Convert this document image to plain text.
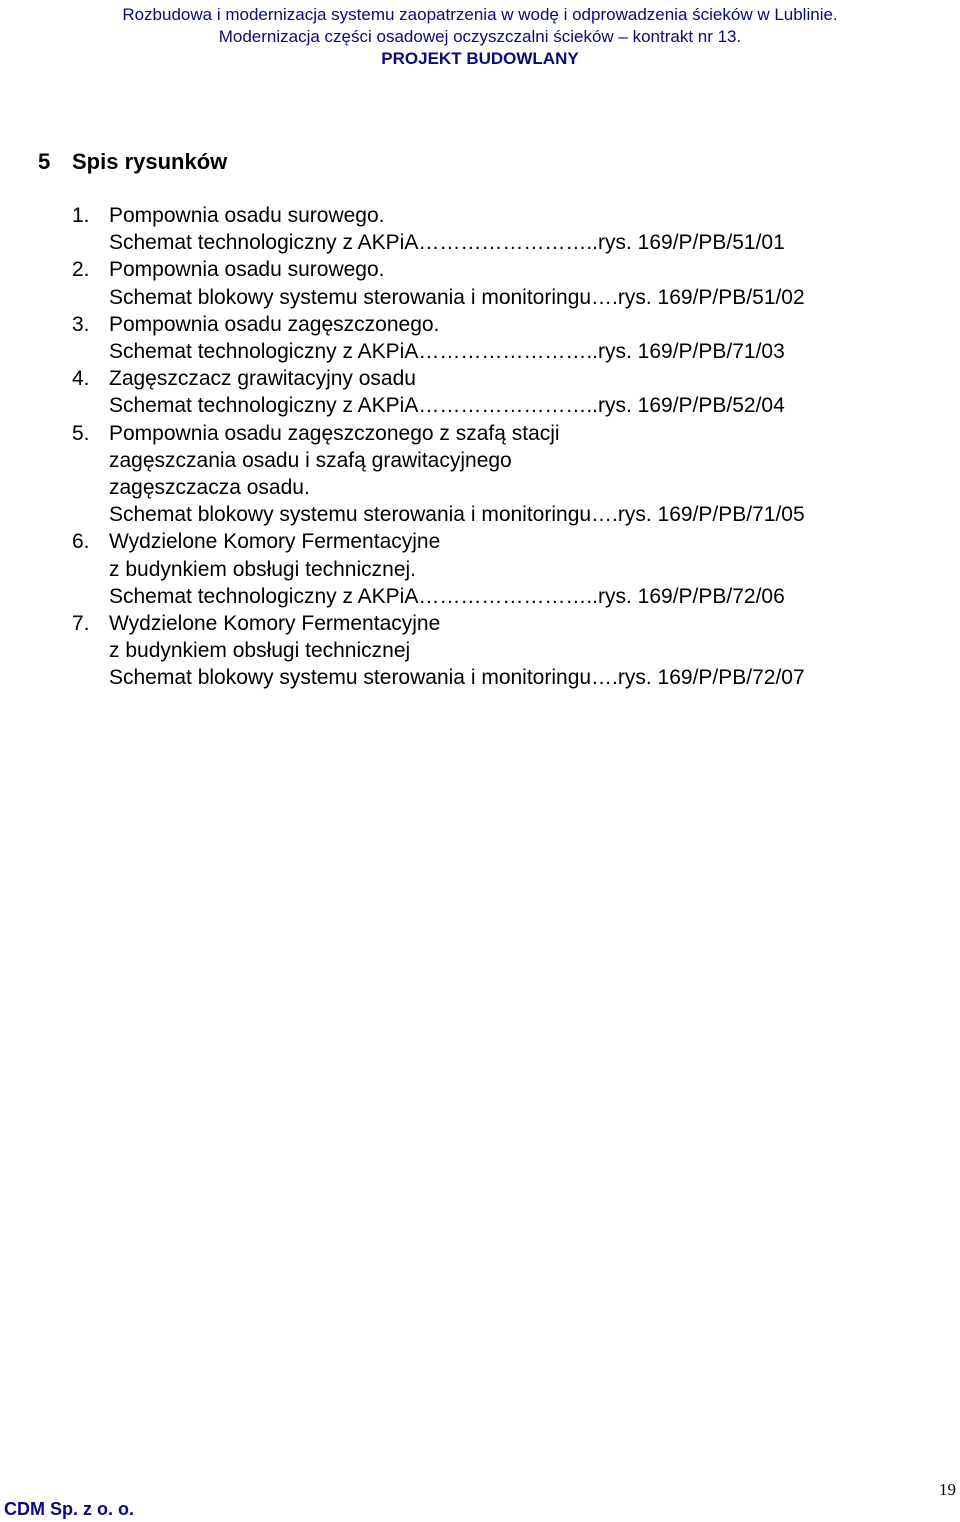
Rozbudowa i modernizacja systemu zaopatrzenia w wodę i odprowadzenia ścieków w Lublinie.
Modernizacja części osadowej oczyszczalni ścieków – kontrakt nr 13.
PROJEKT BUDOWLANY
5 Spis rysunków
1. Pompownia osadu surowego.
Schemat technologiczny z AKPiA……………………..rys. 169/P/PB/51/01
2. Pompownia osadu surowego.
Schemat blokowy systemu sterowania i monitoringu….rys. 169/P/PB/51/02
3. Pompownia osadu zagęszczonego.
Schemat technologiczny z AKPiA……………………..rys. 169/P/PB/71/03
4. Zagęszczacz grawitacyjny osadu
Schemat technologiczny z AKPiA……………………..rys. 169/P/PB/52/04
5. Pompownia osadu zagęszczonego z szafą stacji
zagęszczania osadu i szafą grawitacyjnego
zagęszczacza osadu.
Schemat blokowy systemu sterowania i monitoringu….rys. 169/P/PB/71/05
6. Wydzielone Komory Fermentacyjne
z budynkiem obsługi technicznej.
Schemat technologiczny z AKPiA……………………..rys. 169/P/PB/72/06
7. Wydzielone Komory Fermentacyjne
z budynkiem obsługi technicznej
Schemat blokowy systemu sterowania i monitoringu….rys. 169/P/PB/72/07
CDM Sp. z o. o.
19
